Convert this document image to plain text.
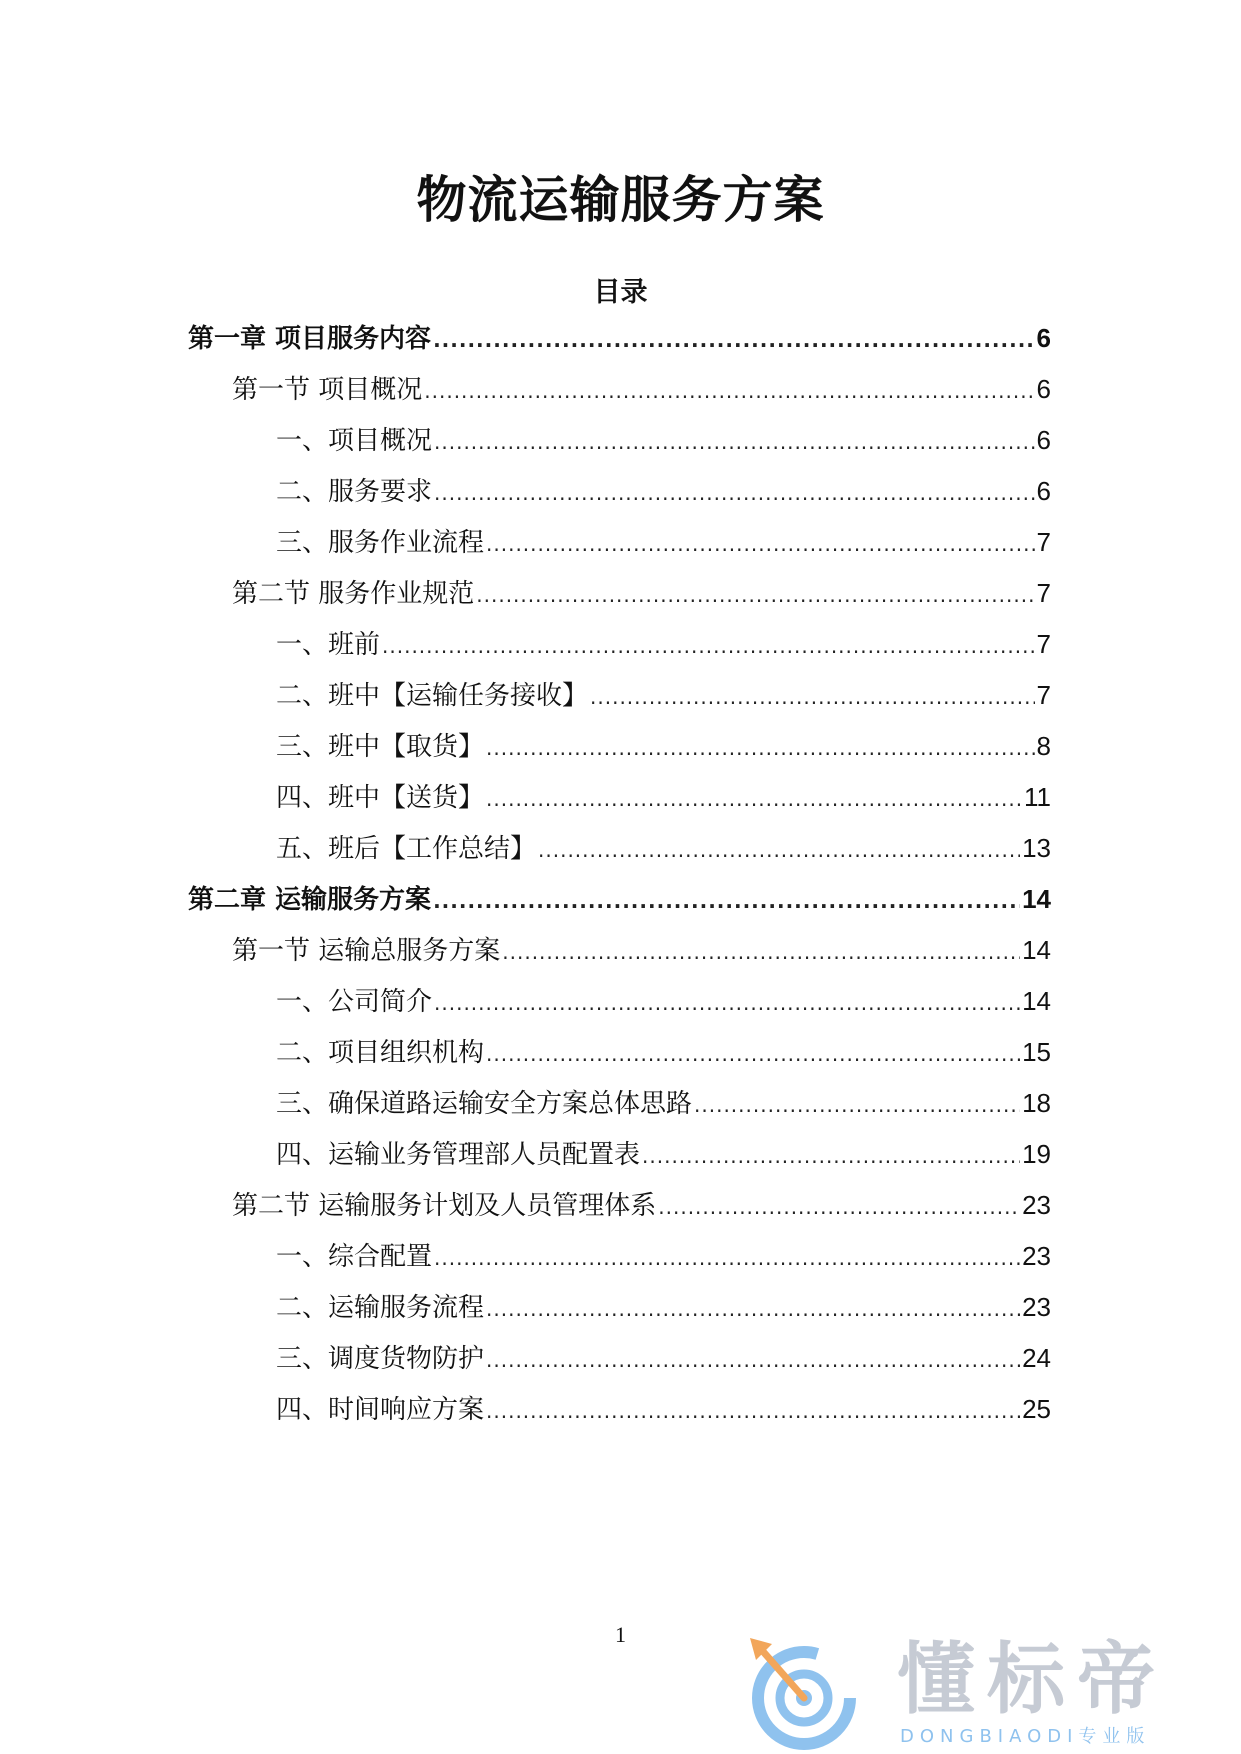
物流运输服务方案
目录
第一章 项目服务内容 .....	6
第一节 项目概况 .....	6
一、项目概况 .....	6
二、服务要求 .....	6
三、服务作业流程 .....	7
第二节 服务作业规范 .....	7
一、班前 .....	7
二、班中【运输任务接收】 .....	7
三、班中【取货】 .....	8
四、班中【送货】 .....	11
五、班后【工作总结】 .....	13
第二章 运输服务方案 .....	14
第一节 运输总服务方案 .....	14
一、公司简介 .....	14
二、项目组织机构 .....	15
三、确保道路运输安全方案总体思路 .....	18
四、运输业务管理部人员配置表 .....	19
第二节 运输服务计划及人员管理体系 .....	23
一、综合配置 .....	23
二、运输服务流程 .....	23
三、调度货物防护 .....	24
四、时间响应方案 .....	25
1
懂标帝
DONGBIAODI专业版
